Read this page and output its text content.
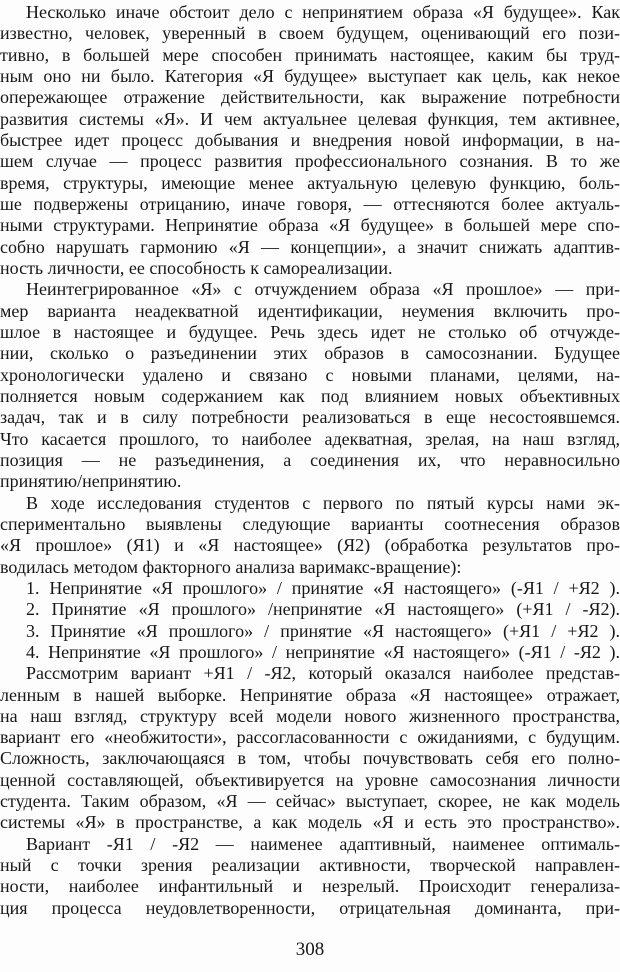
Несколько иначе обстоит дело с непринятием образа «Я будущее». Как
известно, человек, уверенный в своем будущем, оценивающий его пози-
тивно, в большей мере способен принимать настоящее, каким бы труд-
ным оно ни было. Категория «Я будущее» выступает как цель, как некое
опережающее отражение действительности, как выражение потребности
развития системы «Я». И чем актуальнее целевая функция, тем активнее,
быстрее идет процесс добывания и внедрения новой информации, в на-
шем случае — процесс развития профессионального сознания. В то же
время, структуры, имеющие менее актуальную целевую функцию, боль-
ше подвержены отрицанию, иначе говоря, — оттесняются более актуаль-
ными структурами. Непринятие образа «Я будущее» в большей мере спо-
собно нарушать гармонию «Я — концепции», а значит снижать адаптив-
ность личности, ее способность к самореализации.
Неинтегрированное «Я» с отчуждением образа «Я прошлое» — при-
мер варианта неадекватной идентификации, неумения включить про-
шлое в настоящее и будущее. Речь здесь идет не столько об отчужде-
нии, сколько о разъединении этих образов в самосознании. Будущее
хронологически удалено и связано с новыми планами, целями, на-
полняется новым содержанием как под влиянием новых объективных
задач, так и в силу потребности реализоваться в еще несостоявшемся.
Что касается прошлого, то наиболее адекватная, зрелая, на наш взгляд,
позиция — не разъединения, а соединения их, что неравносильно
принятию/непринятию.
В ходе исследования студентов с первого по пятый курсы нами эк-
спериментально выявлены следующие варианты соотнесения образов
«Я прошлое» (Я1) и «Я настоящее» (Я2) (обработка результатов про-
водилась методом факторного анализа варимакс-вращение):
1. Непринятие «Я прошлого» / принятие «Я настоящего» (-Я1 / +Я2 ).
2. Принятие «Я прошлого» /непринятие «Я настоящего» (+Я1 / -Я2).
3. Принятие «Я прошлого» / принятие «Я настоящего» (+Я1 / +Я2 ).
4. Непринятие «Я прошлого» / непринятие «Я настоящего» (-Я1 / -Я2 ).
Рассмотрим вариант +Я1 / -Я2, который оказался наиболее представ-
ленным в нашей выборке. Непринятие образа «Я настоящее» отражает,
на наш взгляд, структуру всей модели нового жизненного пространства,
вариант его «необжитости», рассогласованности с ожиданиями, с будущим.
Сложность, заключающаяся в том, чтобы почувствовать себя его полно-
ценной составляющей, объективируется на уровне самосознания личности
студента. Таким образом, «Я — сейчас» выступает, скорее, не как модель
системы «Я» в пространстве, а как модель «Я и есть это пространство».
Вариант -Я1 / -Я2 — наименее адаптивный, наименее оптималь-
ный с точки зрения реализации активности, творческой направлен-
ности, наиболее инфантильный и незрелый. Происходит генерализа-
ция процесса неудовлетворенности, отрицательная доминанта, при-
308
